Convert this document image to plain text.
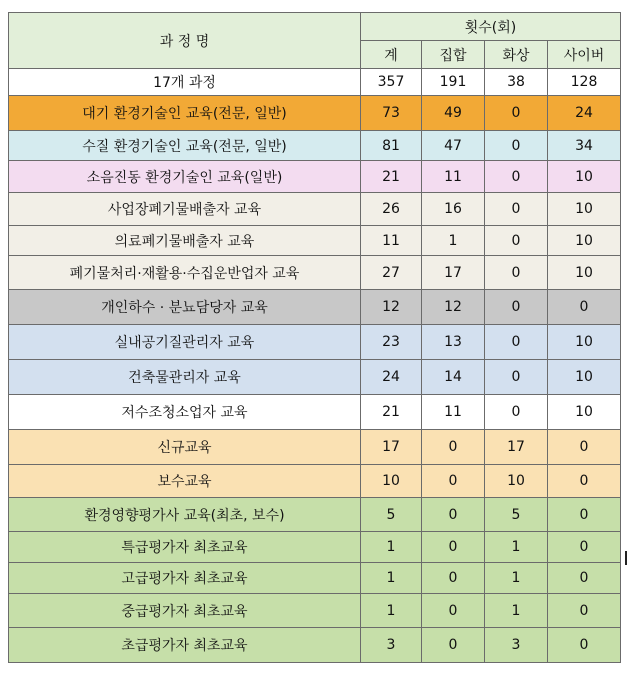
과 정 명	횟수(회)			
	계	집합	화상	사이버
17개 과정	357	191	38	128
대기 환경기술인 교육(전문, 일반)	73	49	0	24
수질 환경기술인 교육(전문, 일반)	81	47	0	34
소음진동 환경기술인 교육(일반)	21	11	0	10
사업장폐기물배출자 교육	26	16	0	10
의료폐기물배출자 교육	11	1	0	10
폐기물처리·재활용·수집운반업자 교육	27	17	0	10
개인하수 · 분뇨담당자 교육	12	12	0	0
실내공기질관리자 교육	23	13	0	10
건축물관리자 교육	24	14	0	10
저수조청소업자 교육	21	11	0	10
신규교육	17	0	17	0
보수교육	10	0	10	0
환경영향평가사 교육(최초, 보수)	5	0	5	0
특급평가자 최초교육	1	0	1	0
고급평가자 최초교육	1	0	1	0
중급평가자 최초교육	1	0	1	0
초급평가자 최초교육	3	0	3	0
